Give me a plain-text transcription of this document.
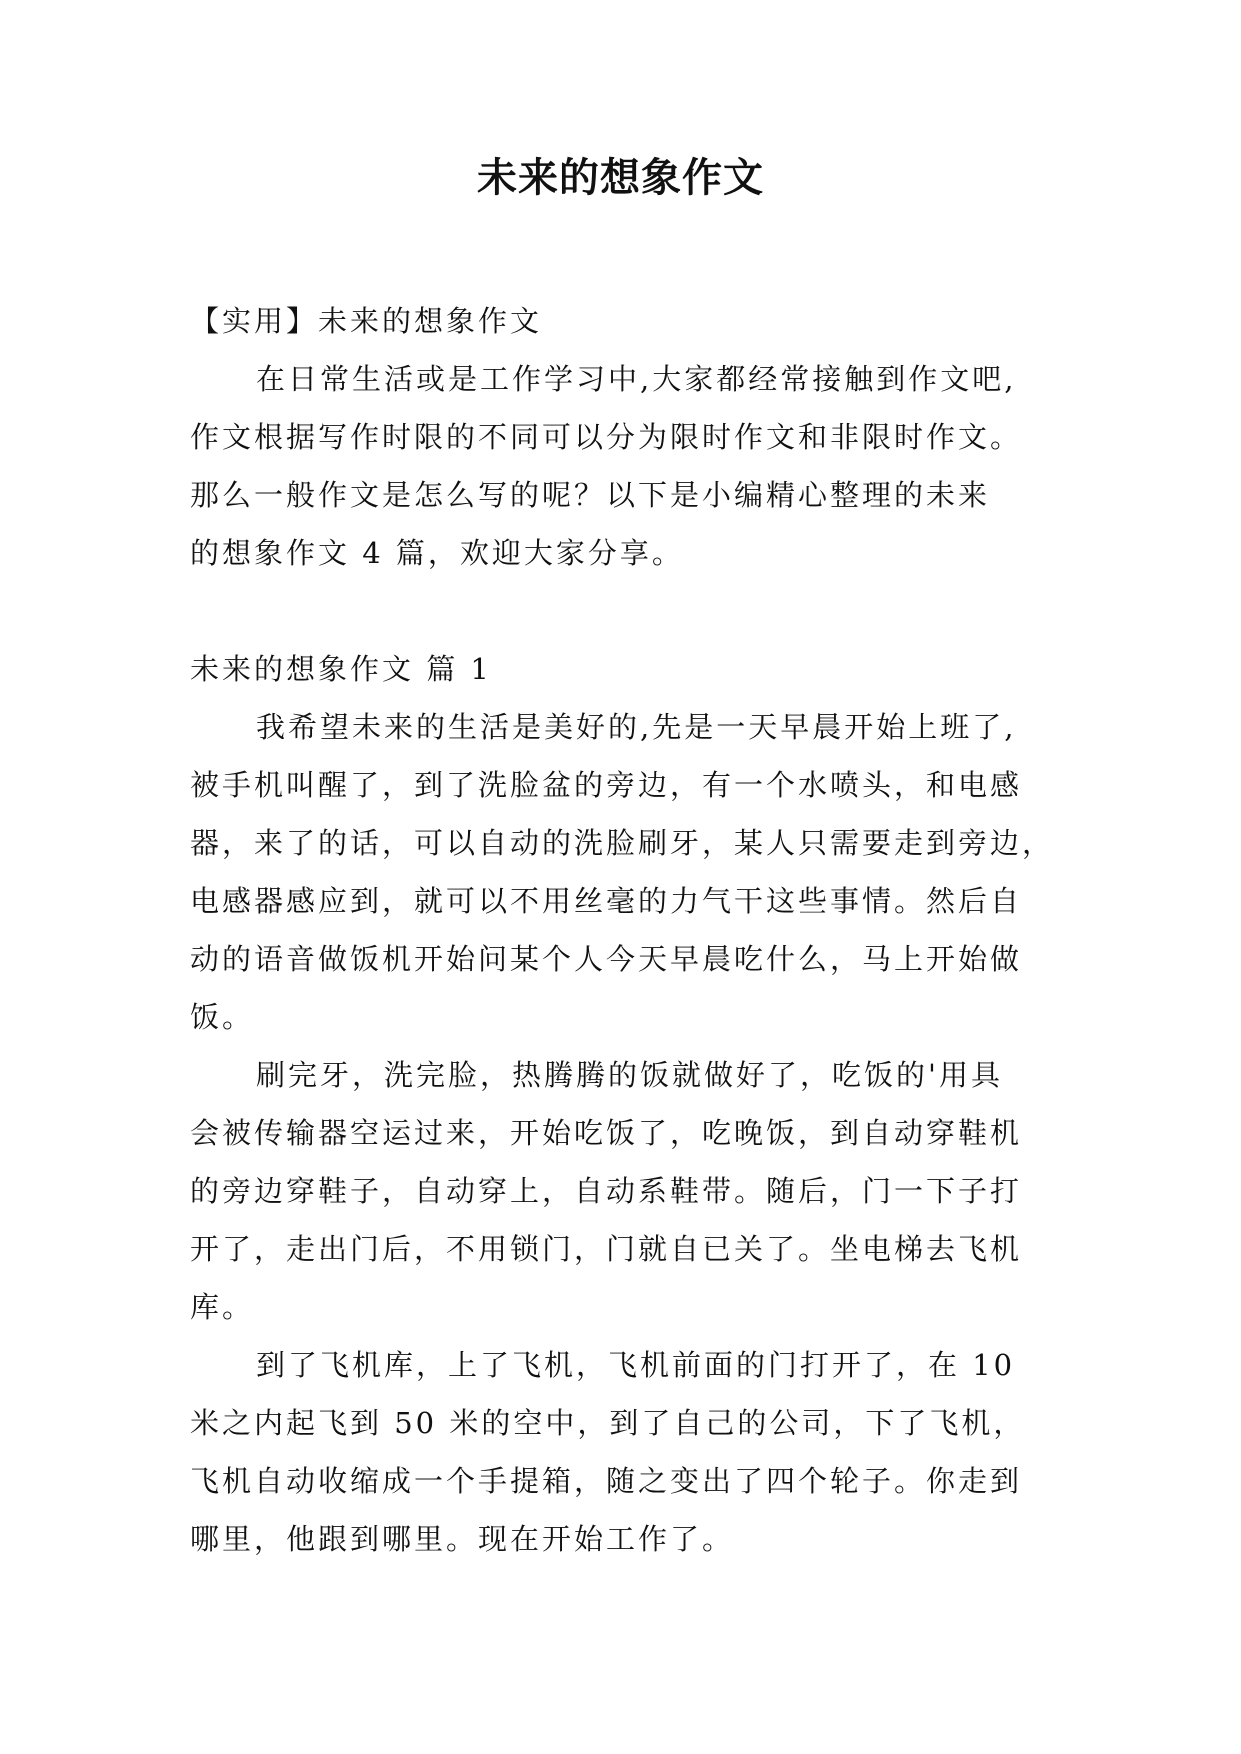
未来的想象作文
【实用】未来的想象作文
在日常生活或是工作学习中,大家都经常接触到作文吧,
作文根据写作时限的不同可以分为限时作文和非限时作文。
那么一般作文是怎么写的呢？以下是小编精心整理的未来
的想象作文 4 篇，欢迎大家分享。
未来的想象作文 篇 1
我希望未来的生活是美好的,先是一天早晨开始上班了,
被手机叫醒了，到了洗脸盆的旁边，有一个水喷头，和电感
器，来了的话，可以自动的洗脸刷牙，某人只需要走到旁边，
电感器感应到，就可以不用丝毫的力气干这些事情。然后自
动的语音做饭机开始问某个人今天早晨吃什么，马上开始做
饭。
刷完牙，洗完脸，热腾腾的饭就做好了，吃饭的'用具
会被传输器空运过来，开始吃饭了，吃晚饭，到自动穿鞋机
的旁边穿鞋子，自动穿上，自动系鞋带。随后，门一下子打
开了，走出门后，不用锁门，门就自已关了。坐电梯去飞机
库。
到了飞机库，上了飞机，飞机前面的门打开了，在 10
米之内起飞到 50 米的空中，到了自己的公司，下了飞机，
飞机自动收缩成一个手提箱，随之变出了四个轮子。你走到
哪里，他跟到哪里。现在开始工作了。
